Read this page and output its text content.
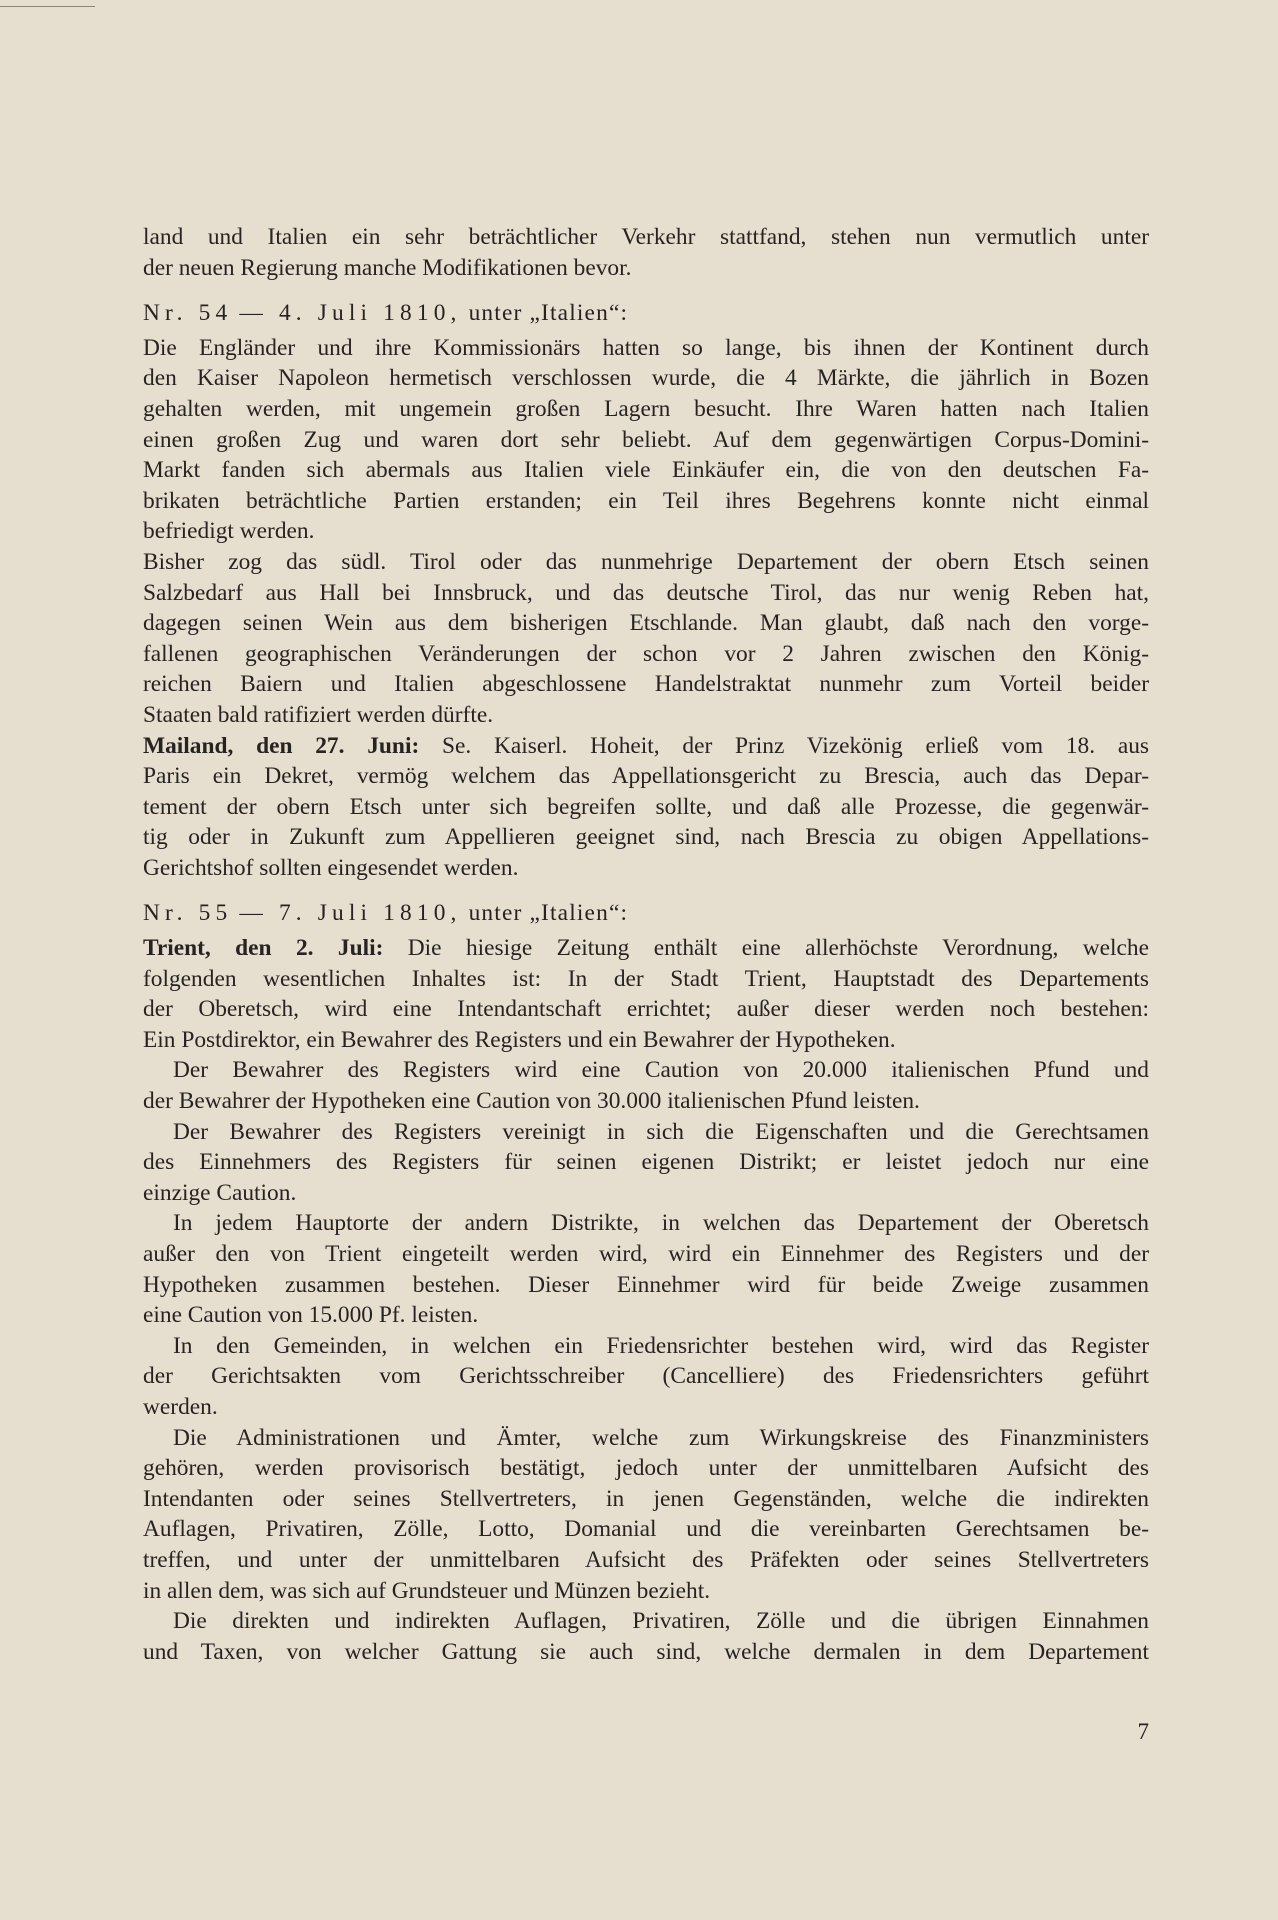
land und Italien ein sehr beträchtlicher Verkehr stattfand, stehen nun vermutlich unter
der neuen Regierung manche Modifikationen bevor.
Nr. 54 — 4. Juli 1810, unter „Italien“:
Die Engländer und ihre Kommissionärs hatten so lange, bis ihnen der Kontinent durch
den Kaiser Napoleon hermetisch verschlossen wurde, die 4 Märkte, die jährlich in Bozen
gehalten werden, mit ungemein großen Lagern besucht. Ihre Waren hatten nach Italien
einen großen Zug und waren dort sehr beliebt. Auf dem gegenwärtigen Corpus-Domini-
Markt fanden sich abermals aus Italien viele Einkäufer ein, die von den deutschen Fa-
brikaten beträchtliche Partien erstanden; ein Teil ihres Begehrens konnte nicht einmal
befriedigt werden.
Bisher zog das südl. Tirol oder das nunmehrige Departement der obern Etsch seinen
Salzbedarf aus Hall bei Innsbruck, und das deutsche Tirol, das nur wenig Reben hat,
dagegen seinen Wein aus dem bisherigen Etschlande. Man glaubt, daß nach den vorge-
fallenen geographischen Veränderungen der schon vor 2 Jahren zwischen den König-
reichen Baiern und Italien abgeschlossene Handelstraktat nunmehr zum Vorteil beider
Staaten bald ratifiziert werden dürfte.
Mailand, den 27. Juni: Se. Kaiserl. Hoheit, der Prinz Vizekönig erließ vom 18. aus
Paris ein Dekret, vermög welchem das Appellationsgericht zu Brescia, auch das Depar-
tement der obern Etsch unter sich begreifen sollte, und daß alle Prozesse, die gegenwär-
tig oder in Zukunft zum Appellieren geeignet sind, nach Brescia zu obigen Appellations-
Gerichtshof sollten eingesendet werden.
Nr. 55 — 7. Juli 1810, unter „Italien“:
Trient, den 2. Juli: Die hiesige Zeitung enthält eine allerhöchste Verordnung, welche
folgenden wesentlichen Inhaltes ist: In der Stadt Trient, Hauptstadt des Departements
der Oberetsch, wird eine Intendantschaft errichtet; außer dieser werden noch bestehen:
Ein Postdirektor, ein Bewahrer des Registers und ein Bewahrer der Hypotheken.
Der Bewahrer des Registers wird eine Caution von 20.000 italienischen Pfund und
der Bewahrer der Hypotheken eine Caution von 30.000 italienischen Pfund leisten.
Der Bewahrer des Registers vereinigt in sich die Eigenschaften und die Gerechtsamen
des Einnehmers des Registers für seinen eigenen Distrikt; er leistet jedoch nur eine
einzige Caution.
In jedem Hauptorte der andern Distrikte, in welchen das Departement der Oberetsch
außer den von Trient eingeteilt werden wird, wird ein Einnehmer des Registers und der
Hypotheken zusammen bestehen. Dieser Einnehmer wird für beide Zweige zusammen
eine Caution von 15.000 Pf. leisten.
In den Gemeinden, in welchen ein Friedensrichter bestehen wird, wird das Register
der Gerichtsakten vom Gerichtsschreiber (Cancelliere) des Friedensrichters geführt
werden.
Die Administrationen und Ämter, welche zum Wirkungskreise des Finanzministers
gehören, werden provisorisch bestätigt, jedoch unter der unmittelbaren Aufsicht des
Intendanten oder seines Stellvertreters, in jenen Gegenständen, welche die indirekten
Auflagen, Privatiren, Zölle, Lotto, Domanial und die vereinbarten Gerechtsamen be-
treffen, und unter der unmittelbaren Aufsicht des Präfekten oder seines Stellvertreters
in allen dem, was sich auf Grundsteuer und Münzen bezieht.
Die direkten und indirekten Auflagen, Privatiren, Zölle und die übrigen Einnahmen
und Taxen, von welcher Gattung sie auch sind, welche dermalen in dem Departement
7
